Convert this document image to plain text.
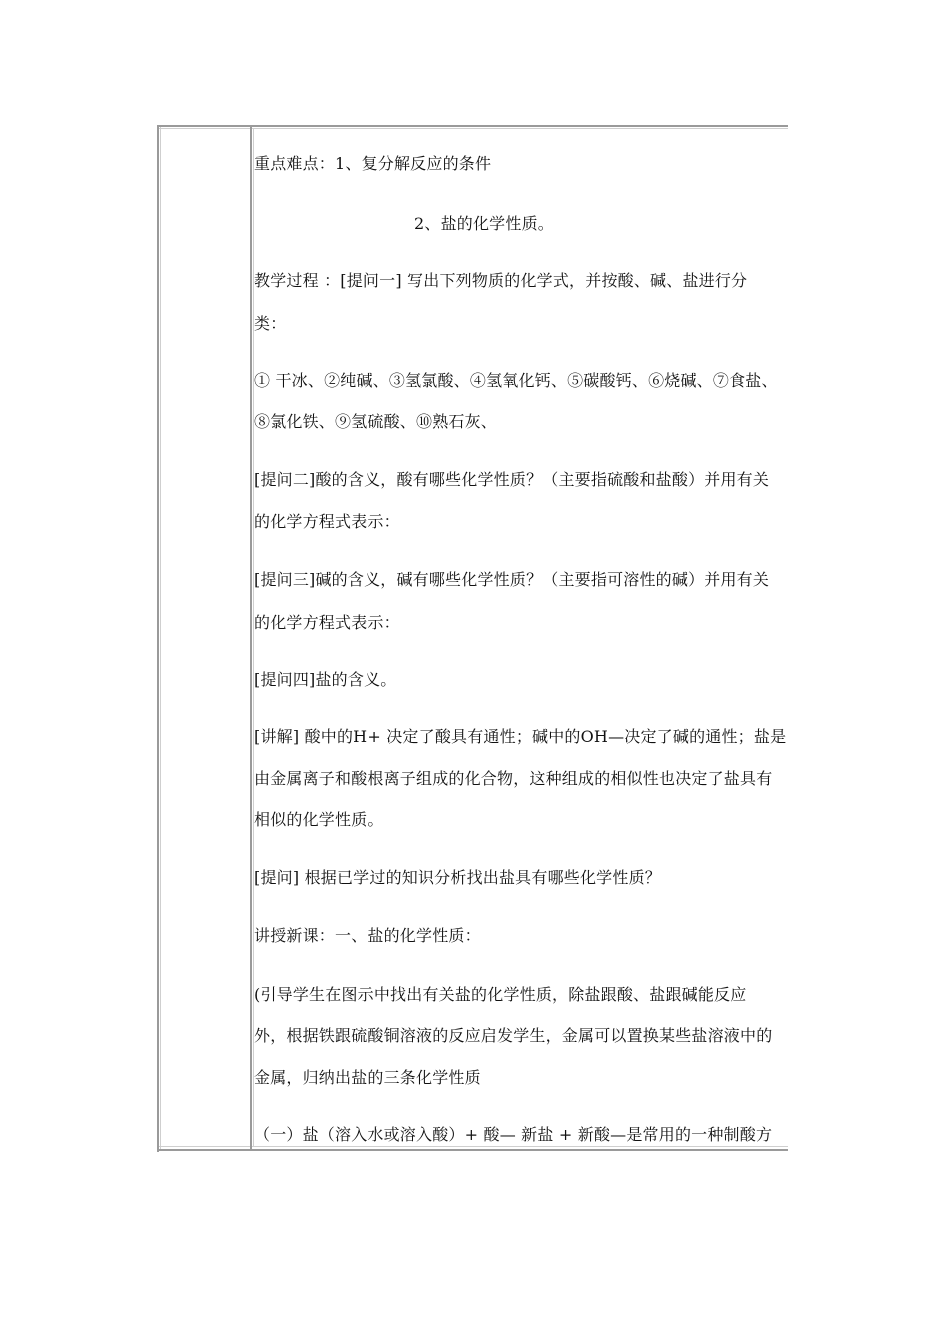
重点难点：1、复分解反应的条件
2、盐的化学性质。
教学过程 ：[提问一] 写出下列物质的化学式，并按酸、碱、盐进行分
类：
① 干冰、②纯碱、③氢氯酸、④氢氧化钙、⑤碳酸钙、⑥烧碱、⑦食盐、
⑧氯化铁、⑨氢硫酸、⑩熟石灰、
[提问二]酸的含义，酸有哪些化学性质？（主要指硫酸和盐酸）并用有关
的化学方程式表示：
[提问三]碱的含义，碱有哪些化学性质？（主要指可溶性的碱）并用有关
的化学方程式表示：
[提问四]盐的含义。
[讲解] 酸中的H+ 决定了酸具有通性；碱中的OH—决定了碱的通性；盐是
由金属离子和酸根离子组成的化合物，这种组成的相似性也决定了盐具有
相似的化学性质。
[提问] 根据已学过的知识分析找出盐具有哪些化学性质？
讲授新课：一、盐的化学性质：
(引导学生在图示中找出有关盐的化学性质，除盐跟酸、盐跟碱能反应
外，根据铁跟硫酸铜溶液的反应启发学生，金属可以置换某些盐溶液中的
金属，归纳出盐的三条化学性质
（一）盐（溶入水或溶入酸）+ 酸— 新盐 + 新酸—是常用的一种制酸方
